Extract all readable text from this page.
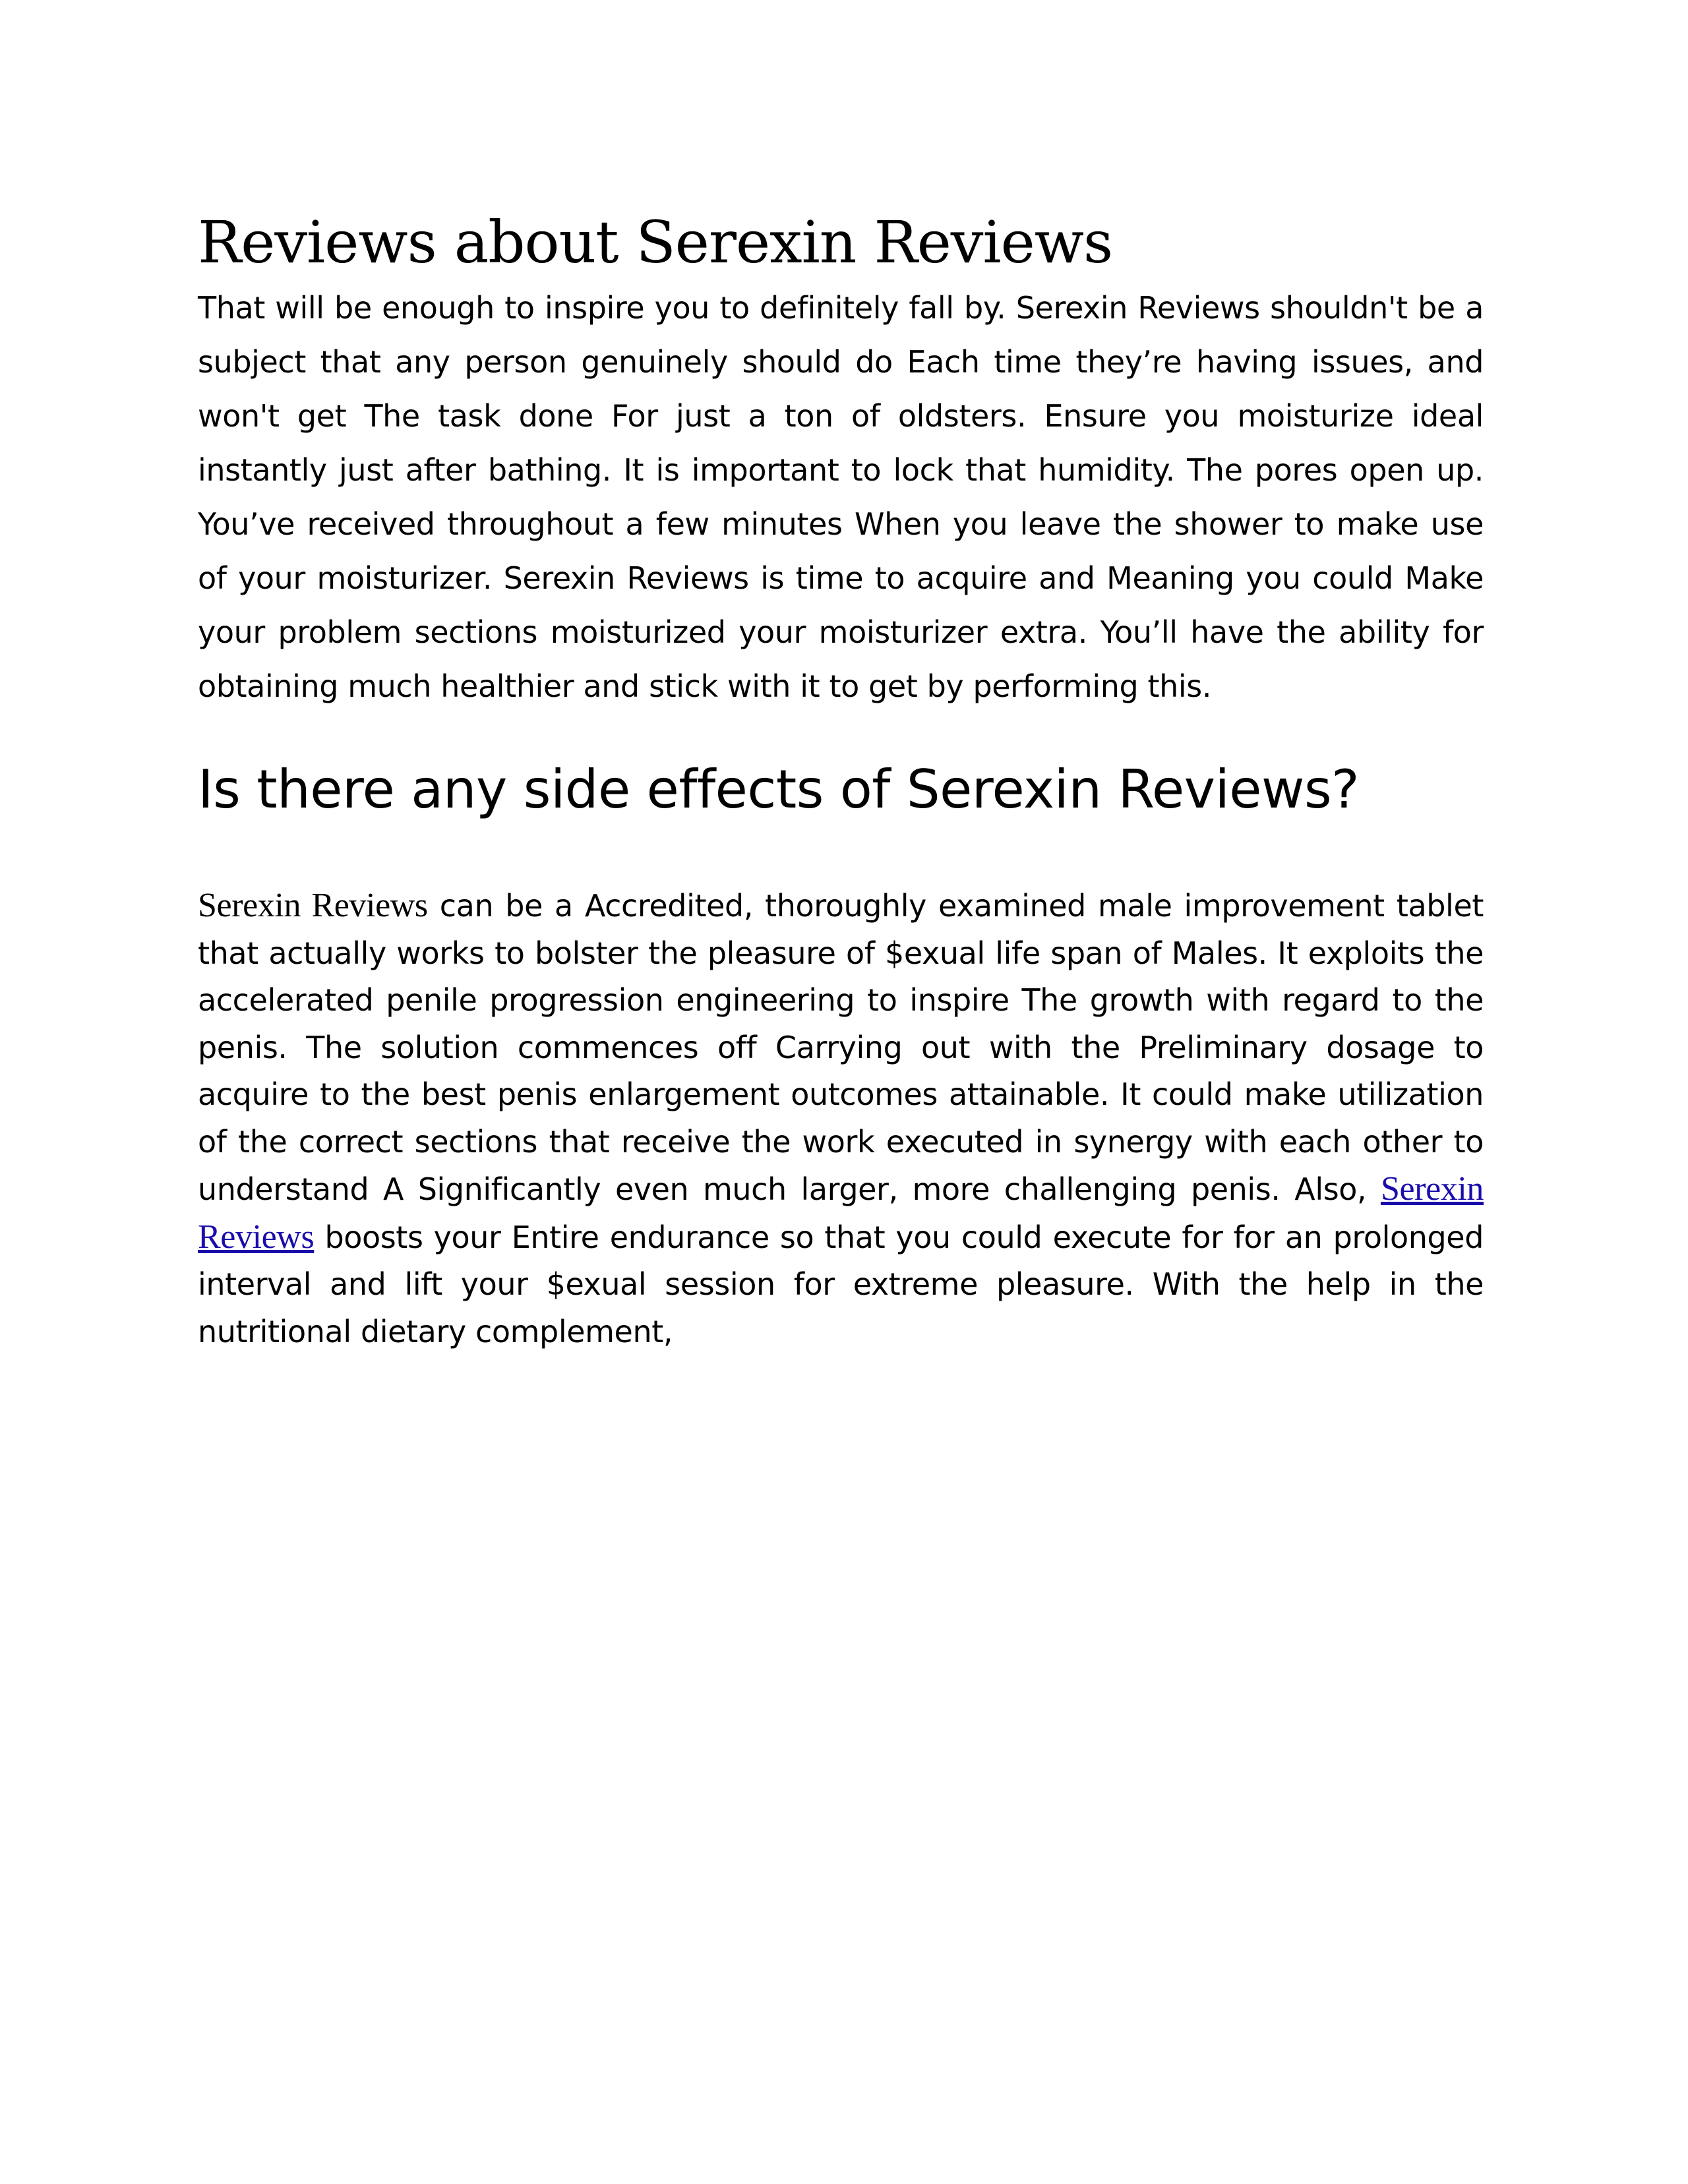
Reviews about Serexin Reviews

That will be enough to inspire you to definitely fall by. Serexin Reviews shouldn't be a subject that any person genuinely should do Each time they’re having issues, and won't get The task done For just a ton of oldsters. Ensure you moisturize ideal instantly just after bathing. It is important to lock that humidity. The pores open up. You’ve received throughout a few minutes When you leave the shower to make use of your moisturizer. Serexin Reviews is time to acquire and Meaning you could Make your problem sections moisturized your moisturizer extra. You’ll have the ability for obtaining much healthier and stick with it to get by performing this.

Is there any side effects of Serexin Reviews?

Serexin Reviews can be a Accredited, thoroughly examined male improvement tablet that actually works to bolster the pleasure of $exual life span of Males. It exploits the accelerated penile progression engineering to inspire The growth with regard to the penis. The solution commences off Carrying out with the Preliminary dosage to acquire to the best penis enlargement outcomes attainable. It could make utilization of the correct sections that receive the work executed in synergy with each other to understand A Significantly even much larger, more challenging penis. Also, Serexin Reviews boosts your Entire endurance so that you could execute for for an prolonged interval and lift your $exual session for extreme pleasure. With the help in the nutritional dietary complement,
